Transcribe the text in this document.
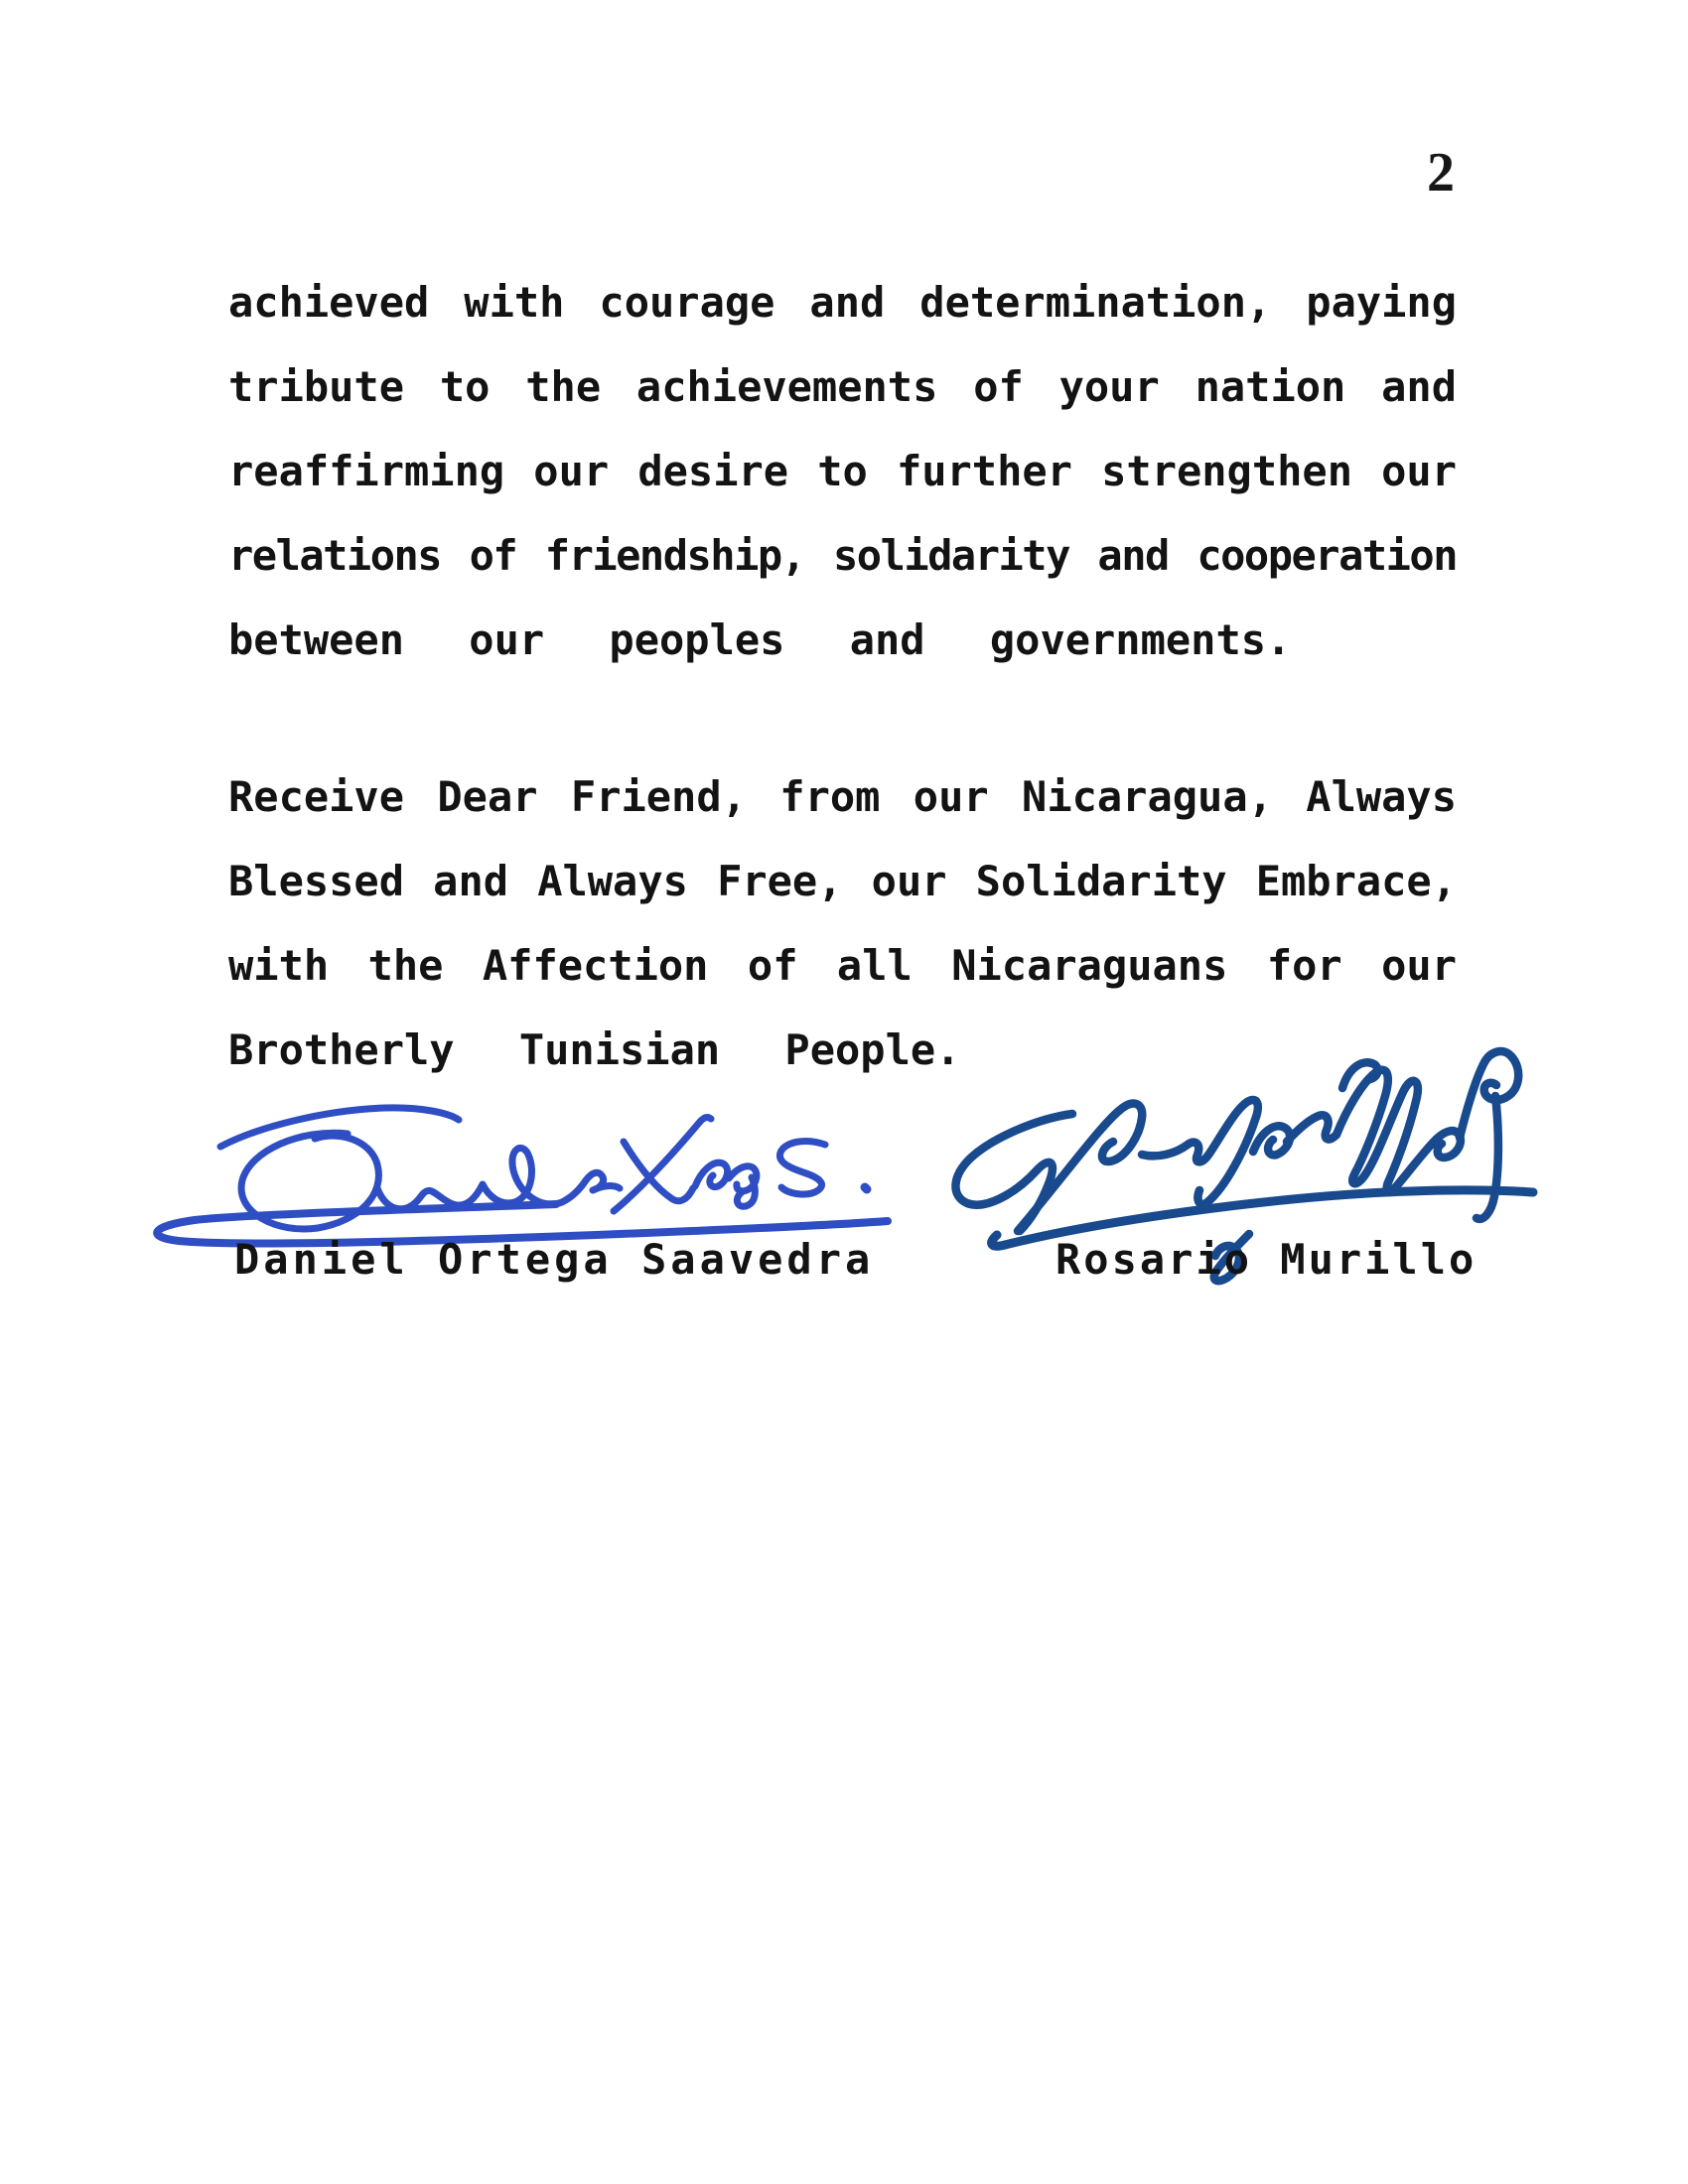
2
achieved with courage and determination, paying
tribute to the achievements of your nation and
reaffirming our desire to further strengthen our
relations of friendship, solidarity and cooperation
between our peoples and governments.
Receive Dear Friend, from our Nicaragua, Always
Blessed and Always Free, our Solidarity Embrace,
with the Affection of all Nicaraguans for our
Brotherly Tunisian People.
Daniel Ortega Saavedra	Rosario Murillo
